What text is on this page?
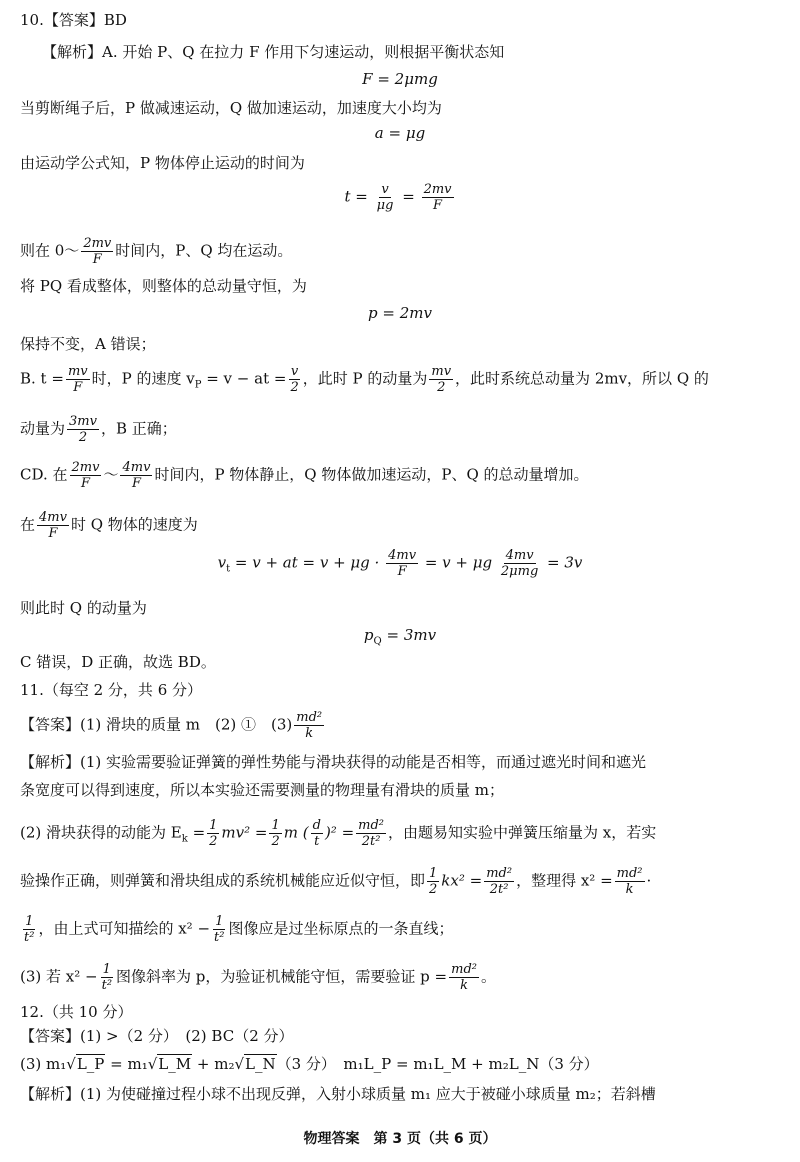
10.【答案】BD
【解析】A. 开始 P、Q 在拉力 F 作用下匀速运动，则根据平衡状态知
F = 2μmg
当剪断绳子后，P 做减速运动，Q 做加速运动，加速度大小均为
a = μg
由运动学公式知，P 物体停止运动的时间为
$t = \frac{v}{\mu g} = \frac{2mv}{F}$
则在 0～ $\frac{2mv}{F}$ 时间内，P、Q 均在运动。
将 PQ 看成整体，则整体的总动量守恒，为
p = 2mv
保持不变，A 错误；
B. $t = \frac{mv}{F}$ 时，P 的速度 $v_P = v$ − at = $\frac{v}{2}$ ，此时 P 的动量为 $\frac{mv}{2}$ ，此时系统总动量为 2mv，所以 Q 的
动量为 $\frac{3mv}{2}$ ，B 正确；
CD. 在 $\frac{2mv}{F}$ ～ $\frac{4mv}{F}$ 时间内，P 物体静止，Q 物体做加速运动，P、Q 的总动量增加。
在 $\frac{4mv}{F}$ 时 Q 物体的速度为
$v_t = v$ + at = $v + \mu g \cdot \frac{4mv}{F} = v + \mu g \frac{4mv}{\text{2μmg}} = 3v$
则此时 Q 的动量为
$p_Q = 3mv$
C 错误，D 正确，故选 BD。
11.（每空 2 分，共 6 分）
【答案】(1) 滑块的质量 m　(2) ①　$(3) \frac{\text{md²}}{k}$
【解析】(1) 实验需要验证弹簧的弹性势能与滑块获得的动能是否相等，而通过遮光时间和遮光
条宽度可以得到速度，所以本实验还需要测量的物理量有滑块的质量 m；
(2) 滑块获得的动能为 $E_k = \frac{1}{2} mv^2 = \frac{1}{2}$ m ( $\frac{d}{t} )^2 = \frac{\text{md²}}{\text{2t²}}$ ，由题易知实验中弹簧压缩量为 x，若实
验操作正确，则弹簧和滑块组成的系统机械能应近似守恒，即 $\frac{1}{2} kx^2 = \frac{\text{md²}}{\text{2t²}}$ ，整理得 $x^2 = \frac{\text{md²}}{k}$ ·
$\frac{1}{\text{t²}}$ ，由上式可知描绘的 $x^2 - \frac{1}{\text{t²}}$ 图像应是过坐标原点的一条直线；
(3) 若 $x^2 - \frac{1}{\text{t²}}$ 图像斜率为 p，为验证机械能守恒，需要验证 $p = \frac{\text{md²}}{k}$ 。
12.（共 10 分）
【答案】(1) >（2 分）　(2) BC（2 分）
(3) m₁√L_P = m₁√L_M + m₂√L_N（3 分）　m₁L_P = m₁L_M + m₂L_N（3 分）
【解析】(1) 为使碰撞过程小球不出现反弹，入射小球质量 m₁ 应大于被碰小球质量 m₂；若斜槽
物理答案　第 3 页（共 6 页）
